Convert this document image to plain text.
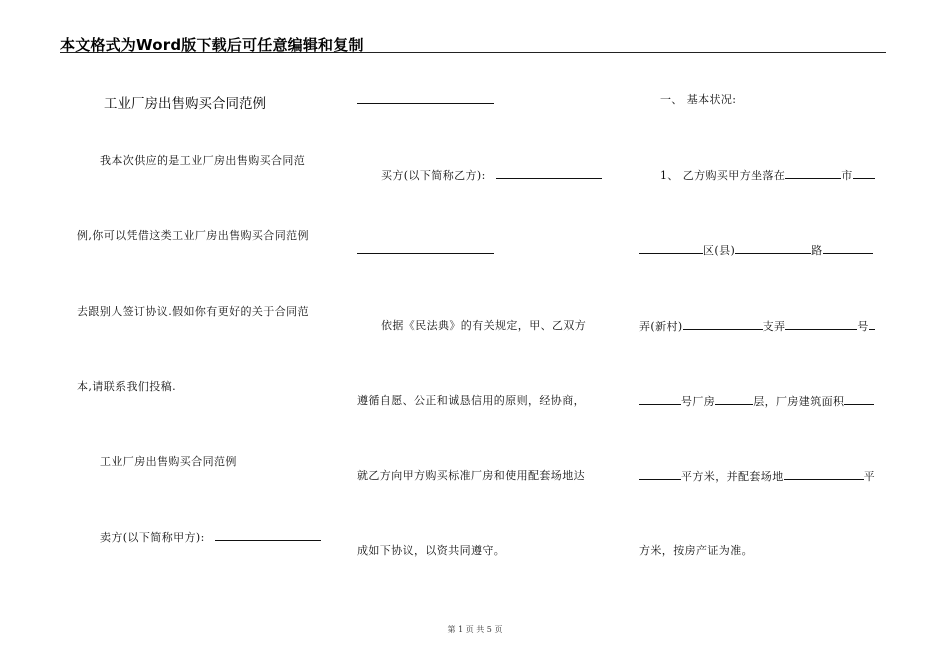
本文格式为Word版下载后可任意编辑和复制
工业厂房出售购买合同范例
我本次供应的是工业厂房出售购买合同范
例,你可以凭借这类工业厂房出售购买合同范例
去跟别人签订协议.假如你有更好的关于合同范
本,请联系我们投稿.
工业厂房出售购买合同范例
卖方(以下简称甲方):
买方(以下简称乙方):
依据《民法典》的有关规定，甲、乙双方
遵循自愿、公正和诚恳信用的原则，经协商，
就乙方向甲方购买标准厂房和使用配套场地达
成如下协议，以资共同遵守。
一、 基本状况:
1、 乙方购买甲方坐落在	市
区(县)	路
弄(新村)	支弄	号
号厂房	层，厂房建筑面积
平方米，并配套场地	平
方米，按房产证为准。
第 1 页 共 5 页
